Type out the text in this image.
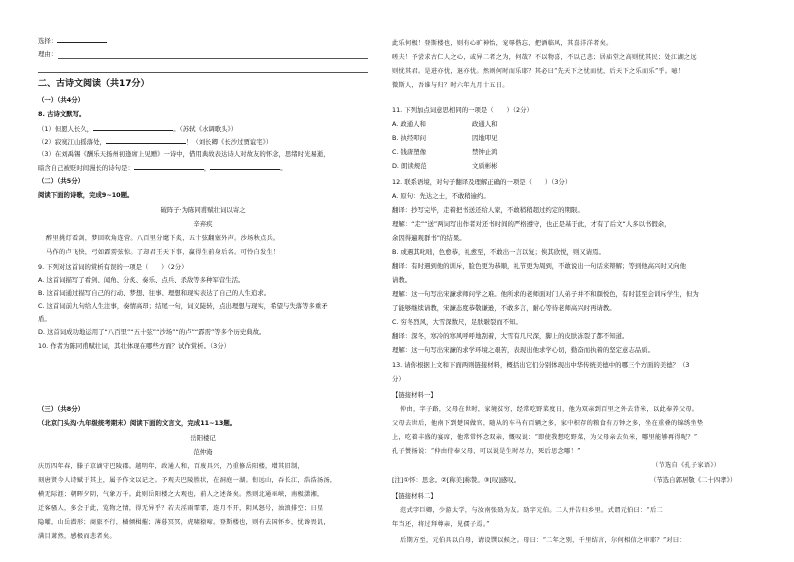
选择：
理由：
二、古诗文阅读（共17分）
（一）（共4分）
8. 古诗文默写。
（1）但愿人长久，	。（苏轼《水调歌头》）
（2）寂寞江山摇落处，	！（刘长卿《长沙过贾谊宅》）
（3）在刘禹锡《酬乐天扬州初逢席上见赠》一诗中，借用典故表达诗人对故友的怀念，思绪时光易逝，
暗含自己被贬时间漫长的诗句是：	，	。
（二）（共5分）
阅读下面的诗歌，完成9~10题。
破阵子·为陈同甫赋壮词以寄之
辛弃疾
醉里挑灯看剑，梦回吹角连营。八百里分麾下炙，五十弦翻塞外声。沙场秋点兵。
马作的卢飞快，弓如霹雳弦惊。了却君王天下事，赢得生前身后名。可怜白发生！
9. 下列对这首词的赏析有误的一项是（　　）（2分）
A. 这首词描写了看剑、闻角、分炙、奏乐、点兵、杀敌等多种军营生活。
B. 这首词通过描写自己的行动、梦想、往事、理想和现实表达了自己的人生追求。
C. 这首词前九句给人生注事，奏情高昂；结尾一句，词义陡转，点出理想与现实，希望与失落等多重矛
盾。
D. 这首词成功地运用了“八百里”“五十弦”“沙场”“的卢”“霹雳”等多个历史典故。
10. 作者为陈同甫赋壮词，其壮体现在哪些方面？试作赏析。（3分）
（三）（共8分）
（北京门头沟·九年级统考期末）阅读下面的文言文，完成11~13题。
岳阳楼记
范仲淹
庆历四年春，滕子京谪守巴陵郡。越明年，政通人和，百废具兴，乃重修岳阳楼，增其旧制，
刻唐贤今人诗赋于其上，属予作文以记之。予观夫巴陵胜状，在洞庭一湖。衔远山，吞长江，浩浩汤汤，
横无际涯；朝晖夕阴，气象万千。此则岳阳楼之大观也，前人之述备矣。然则北通巫峡，南极潇湘，
迁客骚人，多会于此，览物之情，得无异乎？若夫淫雨霏霏，连月不开，阴风怒号，浊浪排空；日星
隐曜，山岳潜形；商旅不行，樯倾楫摧；薄暮冥冥，虎啸猿啼。登斯楼也，则有去国怀乡，忧谗畏讥，
满目萧然，感极而悲者矣。
此乐何极！登斯楼也，则有心旷神怡，宠辱偕忘，把酒临风，其喜洋洋者矣。
嗟夫！予尝求古仁人之心，或异二者之为，何哉？不以物喜，不以己悲；居庙堂之高则忧其民；处江湖之远
则忧其君。是进亦忧，退亦忧。然则何时而乐耶？其必曰“先天下之忧而忧，后天下之乐而乐”乎。噫！
微斯人，吾谁与归？时六年九月十五日。
11. 下列加点词意思相同的一项是（　　）（2分）
A. 政通人和	政通人和
B. 执经叩问	因地叩见
C. 钱唐塑像	禁钟止鸿
D. 朗读规范	文质彬彬
12. 联系语境，对句子翻译及理解正确的一项是（　　）（3分）
A. 原句：先达之士，不敢稍逾约。
翻译：抄写完毕，走着把书送还给人家，不敢稍稍超过约定的期限。
理解：“走”“送”两词写出作者对还书时间的严格遵守，也正是基于此，才有了后文“人多以书假余，
余因得遍观群书”的结果。
B. 或遇其叱咄，色愈恭，礼愈至，不敢出一言以复；俟其欣悦，则又请焉。
翻译：有时遇到他的训斥，脸色更为恭顺，礼节更为周到，不敢说出一句话来辩解；等到他高兴时又向他
请教。
理解：这一句写出宋濂求师问学之难。他所求的老师面对门人弟子并不和颜悦色，有时甚至会训斥学生，但为
了能够继续请教，宋濂态度恭敬谦逊，不敢多言，耐心等待老师高兴时再请教。
C. 穷冬烈风，大雪深数尺，足肤皲裂而不知。
翻译：深冬，寒冷的寒风呼呼地刮着，大雪有几尺深，脚上的皮肤冻裂了都不知道。
理解：这一句写出宋濂的求学环境之艰苦，表现出他求学心切，勤奋而执着的坚定意志品质。
13. 请你根据上文和下面两则链接材料，概括出它们分别体现出中华传统美德中的哪三个方面的美德？（3
分）
【链接材料一】
仲由，字子路，父母在世时，家境贫穷，经常吃野菜度日，他为双亲到百里之外去背米，以此奉养父母。
父母去世后，他南下到楚国做官，随从的车马有百辆之多，家中积存的粮食有万钟之多，坐在重叠的锦绣坐垫
上，吃着丰盛的宴席，他常常怀念双亲，慨叹说：“即使我想吃野菜，为父母亲去负米，哪里能够再得呢？”
孔子赞扬说：“仲由侍奉父母，可以说是生时尽力，死后思念哪！”
（节选自《孔子家语》）
[注]①怀：思念。②[称美]称赞。③[叹]感叹。	（节选自郭居敬《二十四孝》）
【链接材料二】
范式字巨卿，少游太学，与汝南张劭为友。劭字元伯。二人并告归乡里。式谓元伯曰：“后二
年当还，将过拜尊亲，见孺子焉。”
后期方至，元伯具以白母，请设馔以候之。母曰：“二年之别，千里结言，尔何相信之审耶？”对曰：
